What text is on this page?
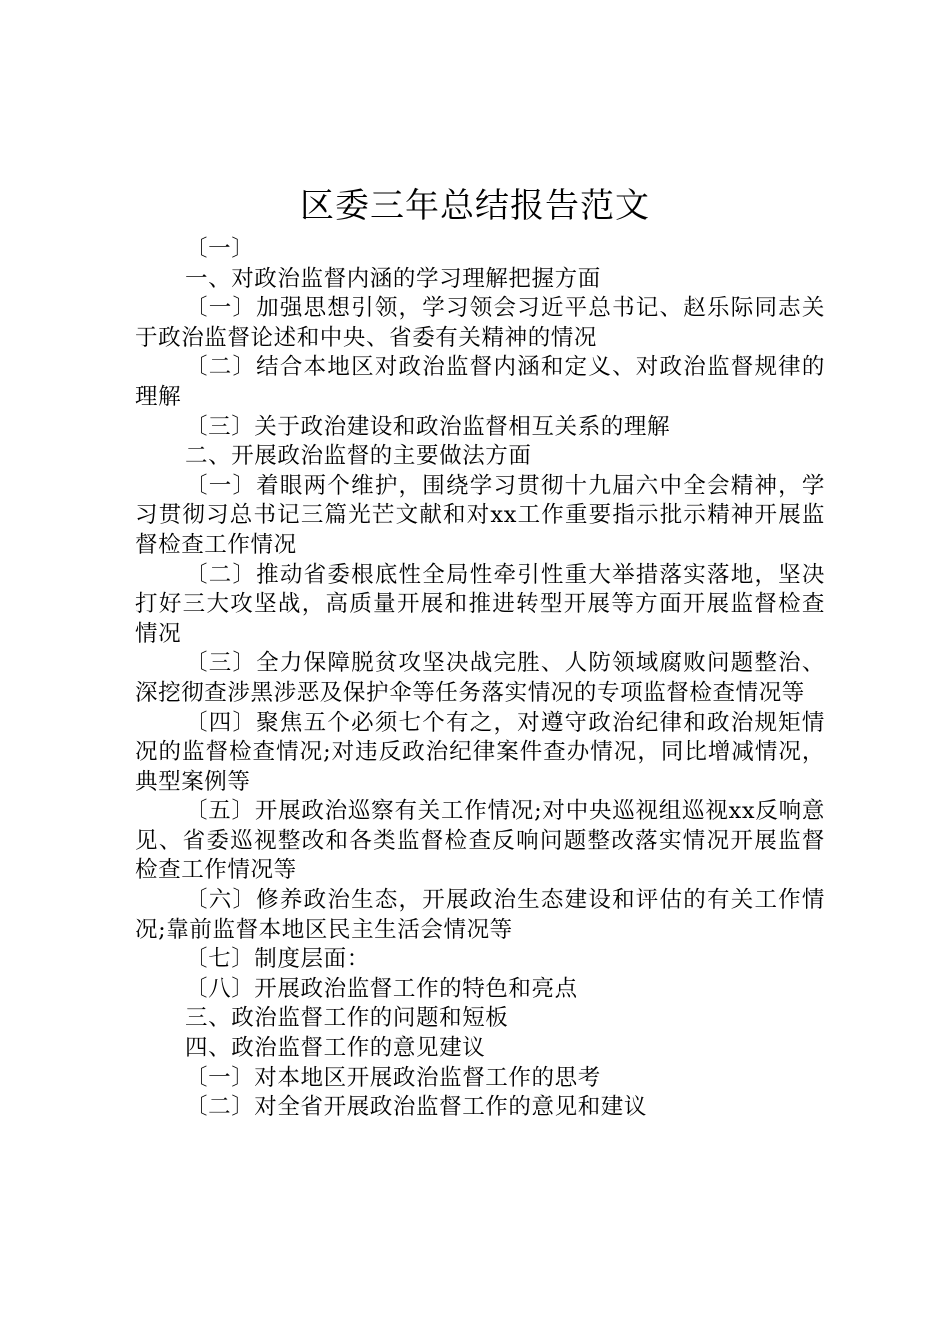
区委三年总结报告范文

〔一〕

一、对政治监督内涵的学习理解把握方面

〔一〕加强思想引领，学习领会习近平总书记、赵乐际同志关于政治监督论述和中央、省委有关精神的情况

〔二〕结合本地区对政治监督内涵和定义、对政治监督规律的理解

〔三〕关于政治建设和政治监督相互关系的理解

二、开展政治监督的主要做法方面

〔一〕着眼两个维护，围绕学习贯彻十九届六中全会精神，学习贯彻习总书记三篇光芒文献和对xx工作重要指示批示精神开展监督检查工作情况

〔二〕推动省委根底性全局性牵引性重大举措落实落地，坚决打好三大攻坚战，高质量开展和推进转型开展等方面开展监督检查情况

〔三〕全力保障脱贫攻坚决战完胜、人防领域腐败问题整治、深挖彻查涉黑涉恶及保护伞等任务落实情况的专项监督检查情况等

〔四〕聚焦五个必须七个有之，对遵守政治纪律和政治规矩情况的监督检查情况;对违反政治纪律案件查办情况，同比增减情况，典型案例等

〔五〕开展政治巡察有关工作情况;对中央巡视组巡视xx反响意见、省委巡视整改和各类监督检查反响问题整改落实情况开展监督检查工作情况等

〔六〕修养政治生态，开展政治生态建设和评估的有关工作情况;靠前监督本地区民主生活会情况等

〔七〕制度层面：

〔八〕开展政治监督工作的特色和亮点

三、政治监督工作的问题和短板

四、政治监督工作的意见建议

〔一〕对本地区开展政治监督工作的思考

〔二〕对全省开展政治监督工作的意见和建议
